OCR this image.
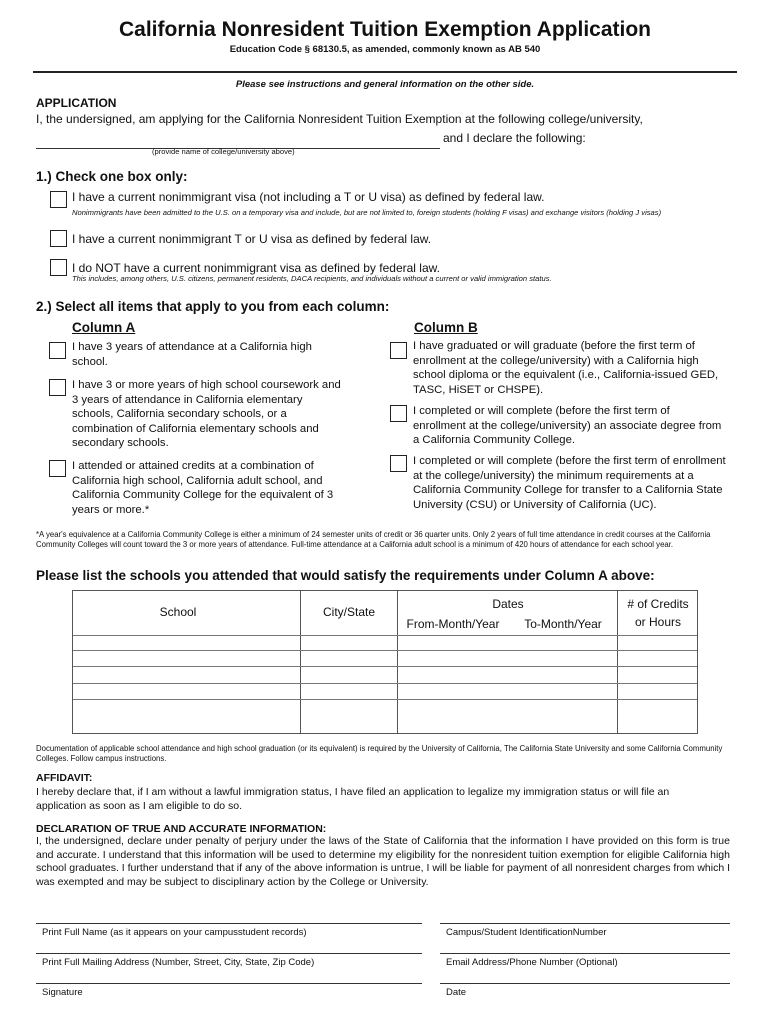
California Nonresident Tuition Exemption Application
Education Code § 68130.5, as amended, commonly known as AB 540
Please see instructions and general information on the other side.
APPLICATION
I, the undersigned, am applying for the California Nonresident Tuition Exemption at the following college/university,
and I declare the following:
(provide name of college/university above)
1.) Check one box only:
I have a current nonimmigrant visa (not including a T or U visa) as defined by federal law.
Nonimmigrants have been admitted to the U.S. on a temporary visa and include, but are not limited to, foreign students (holding F visas) and exchange visitors (holding J visas)
I have a current nonimmigrant T or U visa as defined by federal law.
I do NOT have a current nonimmigrant visa as defined by federal law.
This includes, among others, U.S. citizens, permanent residents, DACA recipients, and individuals without a current or valid immigration status.
2.) Select all items that apply to you from each column:
Column A	Column B
I have 3 years of attendance at a California high school.
I have 3 or more years of high school coursework and 3 years of attendance in California elementary schools, California secondary schools, or a combination of California elementary schools and secondary schools.
I attended or attained credits at a combination of California high school, California adult school, and California Community College for the equivalent of 3 years or more.*
I have graduated or will graduate (before the first term of enrollment at the college/university) with a California high school diploma or the equivalent (i.e., California-issued GED, TASC, HiSET or CHSPE).
I completed or will complete (before the first term of enrollment at the college/university) an associate degree from a California Community College.
I completed or will complete (before the first term of enrollment at the college/university) the minimum requirements at a California Community College for transfer to a California State University (CSU) or University of California (UC).
*A year's equivalence at a California Community College is either a minimum of 24 semester units of credit or 36 quarter units. Only 2 years of full time attendance in credit courses at the California Community Colleges will count toward the 3 or more years of attendance. Full-time attendance at a California adult school is a minimum of 420 hours of attendance for each school year.
Please list the schools you attended that would satisfy the requirements under Column A above:
School	City/State
Dates
From-Month/Year	To-Month/Year
# of Credits
or Hours
Documentation of applicable school attendance and high school graduation (or its equivalent) is required by the University of California, The California State University and some California Community Colleges. Follow campus instructions.
AFFIDAVIT:
I hereby declare that, if I am without a lawful immigration status, I have filed an application to legalize my immigration status or will file an application as soon as I am eligible to do so.
DECLARATION OF TRUE AND ACCURATE INFORMATION:
I, the undersigned, declare under penalty of perjury under the laws of the State of California that the information I have provided on this form is true and accurate. I understand that this information will be used to determine my eligibility for the nonresident tuition exemption for eligible California high school graduates. I further understand that if any of the above information is untrue, I will be liable for payment of all nonresident charges from which I was exempted and may be subject to disciplinary action by the College or University.
Print Full Name (as it appears on your campusstudent records)	Campus/Student IdentificationNumber
Print Full Mailing Address (Number, Street, City, State, Zip Code)	Email Address/Phone Number (Optional)
Signature	Date
